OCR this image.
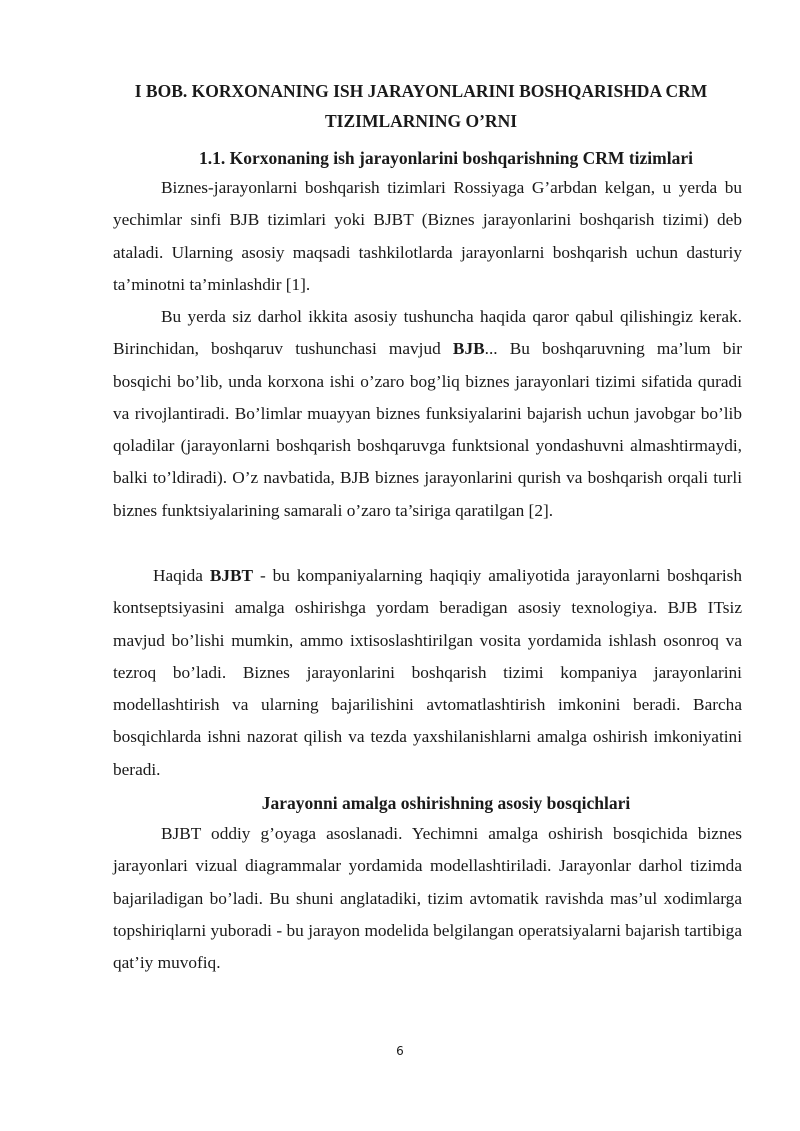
I BOB. KORXONANING ISH JARAYONLARINI BOSHQARISHDA CRM TIZIMLARNING O’RNI
1.1. Korxonaning ish jarayonlarini boshqarishning CRM tizimlari

Biznes-jarayonlarni boshqarish tizimlari Rossiyaga G’arbdan kelgan, u yerda bu yechimlar sinfi BJB tizimlari yoki BJBT (Biznes jarayonlarini boshqarish tizimi) deb ataladi. Ularning asosiy maqsadi tashkilotlarda jarayonlarni boshqarish uchun dasturiy ta’minotni ta’minlashdir [1].

Bu yerda siz darhol ikkita asosiy tushuncha haqida qaror qabul qilishingiz kerak. Birinchidan, boshqaruv tushunchasi mavjud BJB... Bu boshqaruvning ma’lum bir bosqichi bo’lib, unda korxona ishi o’zaro bog’liq biznes jarayonlari tizimi sifatida quradi va rivojlantiradi. Bo’limlar muayyan biznes funksiyalarini bajarish uchun javobgar bo’lib qoladilar (jarayonlarni boshqarish boshqaruvga funktsional yondashuvni almashtirmaydi, balki to’ldiradi). O’z navbatida, BJB biznes jarayonlarini qurish va boshqarish orqali turli biznes funktsiyalarining samarali o’zaro ta’siriga qaratilgan [2].

Haqida BJBT - bu kompaniyalarning haqiqiy amaliyotida jarayonlarni boshqarish kontseptsiyasini amalga oshirishga yordam beradigan asosiy texnologiya. BJB ITsiz mavjud bo’lishi mumkin, ammo ixtisoslashtirilgan vosita yordamida ishlash osonroq va tezroq bo’ladi. Biznes jarayonlarini boshqarish tizimi kompaniya jarayonlarini modellashtirish va ularning bajarilishini avtomatlashtirish imkonini beradi. Barcha bosqichlarda ishni nazorat qilish va tezda yaxshilanishlarni amalga oshirish imkoniyatini beradi.

Jarayonni amalga oshirishning asosiy bosqichlari

BJBT oddiy g’oyaga asoslanadi. Yechimni amalga oshirish bosqichida biznes jarayonlari vizual diagrammalar yordamida modellashtiriladi. Jarayonlar darhol tizimda bajariladigan bo’ladi. Bu shuni anglatadiki, tizim avtomatik ravishda mas’ul xodimlarga topshiriqlarni yuboradi - bu jarayon modelida belgilangan operatsiyalarni bajarish tartibiga qat’iy muvofiq.

6
